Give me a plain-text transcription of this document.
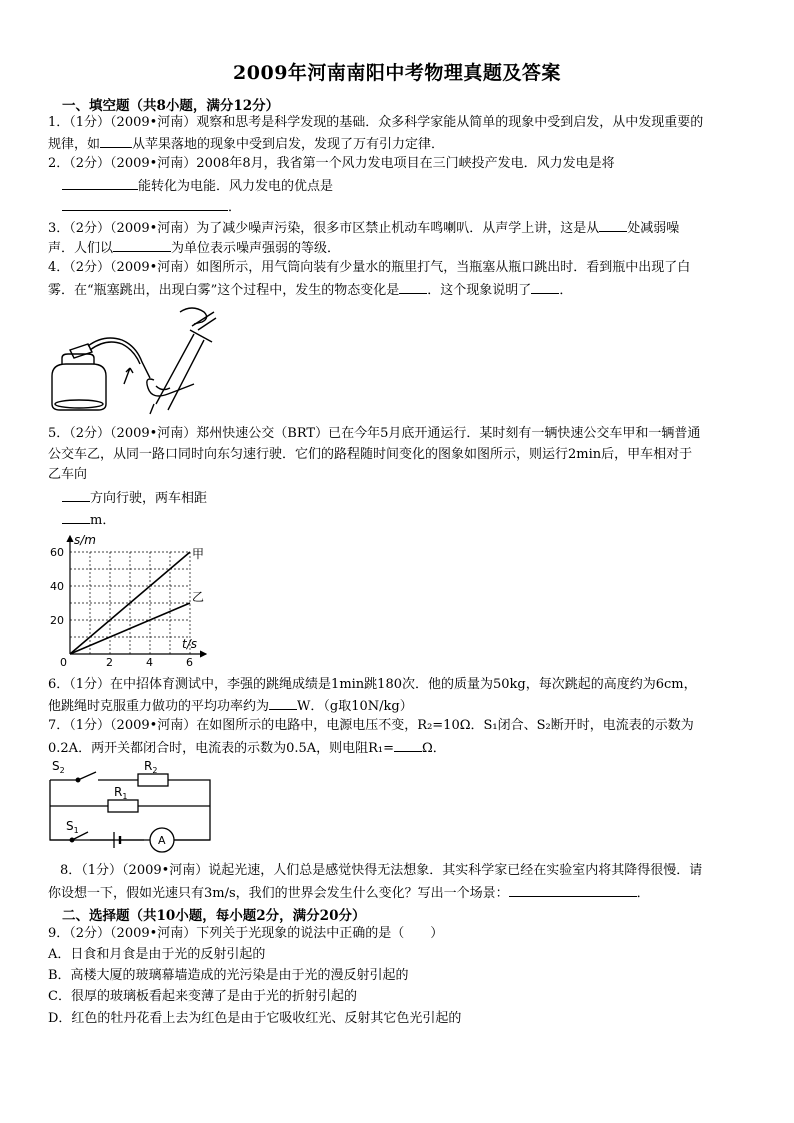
2009年河南南阳中考物理真题及答案
一、填空题（共8小题，满分12分）
1．（1分）（2009•河南）观察和思考是科学发现的基础．众多科学家能从简单的现象中受到启发，从中发现重要的
规律，如 从苹果落地的现象中受到启发，发现了万有引力定律．
2．（2分）（2009•河南）2008年8月，我省第一个风力发电项目在三门峡投产发电．风力发电是将
能转化为电能．风力发电的优点是
．
3．（2分）（2009•河南）为了减少噪声污染，很多市区禁止机动车鸣喇叭．从声学上讲，这是从 处减弱噪
声．人们以	为单位表示噪声强弱的等级．
4．（2分）（2009•河南）如图所示，用气筒向装有少量水的瓶里打气，当瓶塞从瓶口跳出时．看到瓶中出现了白
雾．在“瓶塞跳出，出现白雾”这个过程中，发生的物态变化是 ．这个现象说明了 ．
5．（2分）（2009•河南）郑州快速公交（BRT）已在今年5月底开通运行．某时刻有一辆快速公交车甲和一辆普通
公交车乙，从同一路口同时向东匀速行驶．它们的路程随时间变化的图象如图所示，则运行2min后，甲车相对于
乙车向
方向行驶，两车相距
m．
甲
乙
20
40
60
2	4	6
s/m
t/s
0
6．（1分）在中招体育测试中，李强的跳绳成绩是1min跳180次．他的质量为50kg，每次跳起的高度约为6cm，
他跳绳时克服重力做功的平均功率约为 W．（g取10N/kg）
7．（1分）（2009•河南）在如图所示的电路中，电源电压不变，R₂=10Ω．S₁闭合、S₂断开时，电流表的示数为
0.2A．两开关都闭合时，电流表的示数为0.5A，则电阻R₁= Ω．
$S_2$	$R_2$
$R_1$
$S_1$
A
8．（1分）（2009•河南）说起光速，人们总是感觉快得无法想象．其实科学家已经在实验室内将其降得很慢．请
你设想一下，假如光速只有3m/s，我们的世界会发生什么变化？写出一个场景：	．
二、选择题（共10小题，每小题2分，满分20分）
9．（2分）（2009•河南）下列关于光现象的说法中正确的是（　　）
A．日食和月食是由于光的反射引起的
B．高楼大厦的玻璃幕墙造成的光污染是由于光的漫反射引起的
C．很厚的玻璃板看起来变薄了是由于光的折射引起的
D．红色的牡丹花看上去为红色是由于它吸收红光、反射其它色光引起的
